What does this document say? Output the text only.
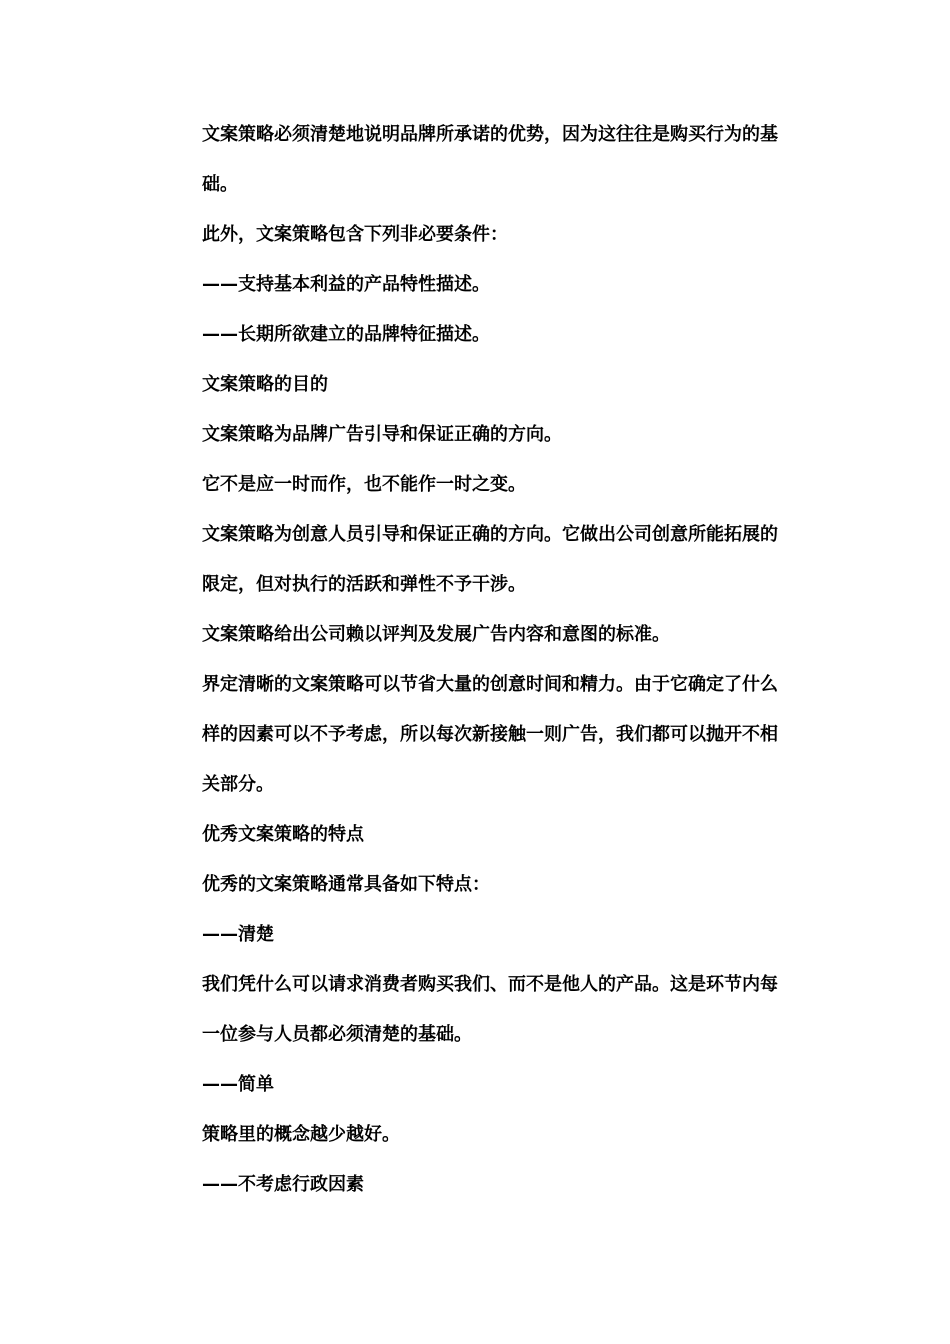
文案策略必须清楚地说明品牌所承诺的优势，因为这往往是购买行为的基
础。
此外，文案策略包含下列非必要条件：
——支持基本利益的产品特性描述。
——长期所欲建立的品牌特征描述。
文案策略的目的
文案策略为品牌广告引导和保证正确的方向。
它不是应一时而作，也不能作一时之变。
文案策略为创意人员引导和保证正确的方向。它做出公司创意所能拓展的
限定，但对执行的活跃和弹性不予干涉。
文案策略给出公司赖以评判及发展广告内容和意图的标准。
界定清晰的文案策略可以节省大量的创意时间和精力。由于它确定了什么
样的因素可以不予考虑，所以每次新接触一则广告，我们都可以抛开不相
关部分。
优秀文案策略的特点
优秀的文案策略通常具备如下特点：
——清楚
我们凭什么可以请求消费者购买我们、而不是他人的产品。这是环节内每
一位参与人员都必须清楚的基础。
——简单
策略里的概念越少越好。
——不考虑行政因素
